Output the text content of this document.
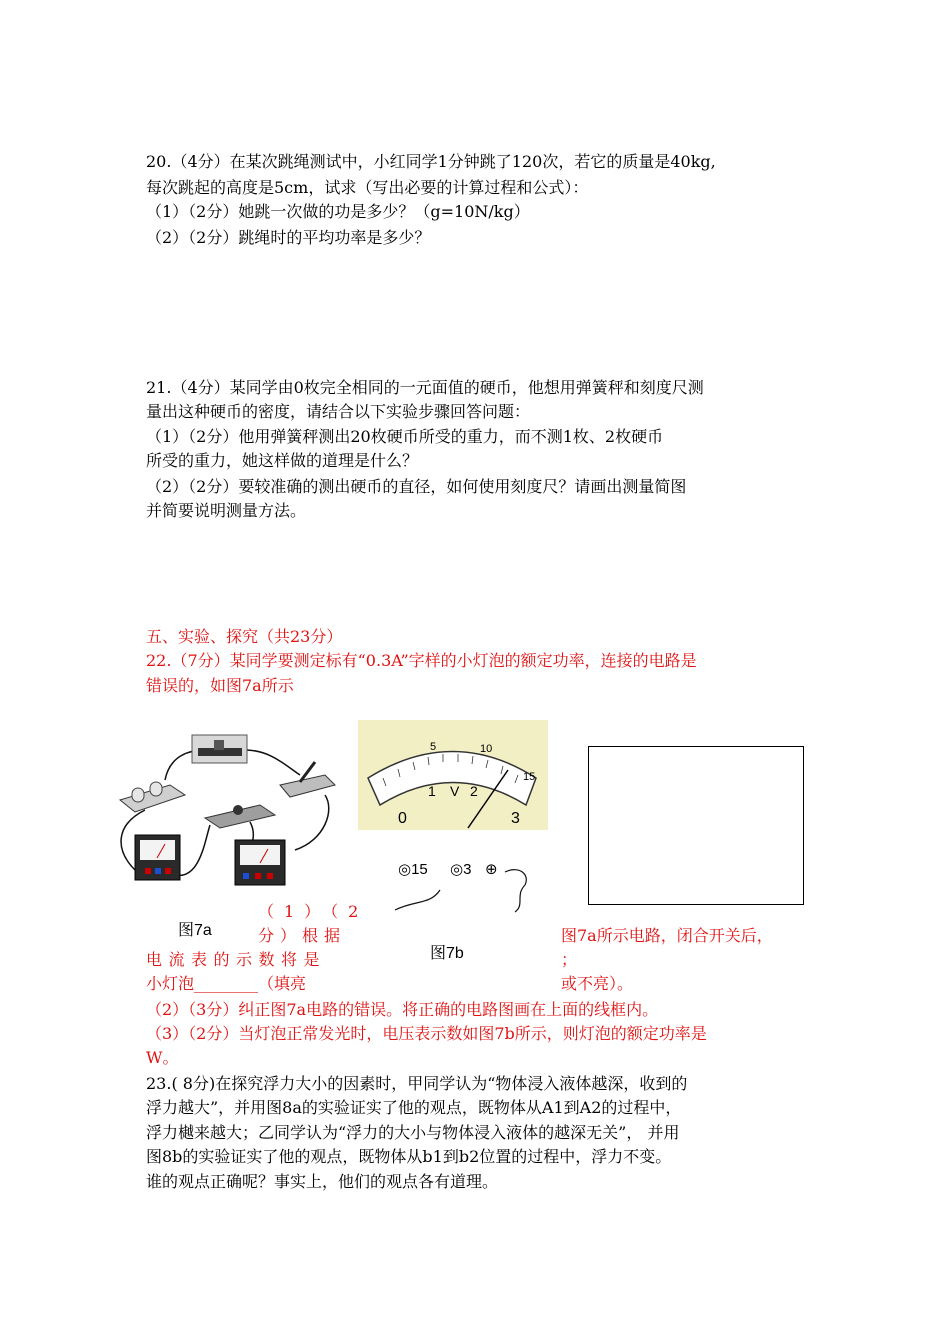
20.（4分）在某次跳绳测试中，小红同学1分钟跳了120次，若它的质量是40kg,
每次跳起的高度是5cm，试求（写出必要的计算过程和公式）：
（1）（2分）她跳一次做的功是多少？（g=10N/kg）
（2）（2分）跳绳时的平均功率是多少？
21.（4分）某同学由0枚完全相同的一元面值的硬币，他想用弹簧秤和刻度尺测
量出这种硬币的密度，请结合以下实验步骤回答问题：
（1）（2分）他用弹簧秤测出20枚硬币所受的重力，而不测1枚、2枚硬币
所受的重力，她这样做的道理是什么？
（2）（2分）要较准确的测出硬币的直径，如何使用刻度尺？请画出测量简图
并简要说明测量方法。
五、实验、探究（共23分）
22.（7分）某同学要测定标有“0.3A”字样的小灯泡的额定功率，连接的电路是
错误的，如图7a所示
图7a
5	10
15
0
1 V 2
3
◎15 ◎3 ⊕
图7b
（1）（2
分）根据
电流表的示数将是
小灯泡________（填亮
图7a所示电路，闭合开关后，
；
或不亮）。
（2）（3分）纠正图7a电路的错误。将正确的电路图画在上面的线框内。
（3）（2分）当灯泡正常发光时，电压表示数如图7b所示，则灯泡的额定功率是
W。
23.( 8分)在探究浮力大小的因素时，甲同学认为“物体浸入液体越深，收到的
浮力越大”，并用图8a的实验证实了他的观点，既物体从A1到A2的过程中，
浮力樾来越大；乙同学认为“浮力的大小与物体浸入液体的越深无关”， 并用
图8b的实验证实了他的观点，既物体从b1到b2位置的过程中，浮力不变。
谁的观点正确呢？事实上，他们的观点各有道理。
